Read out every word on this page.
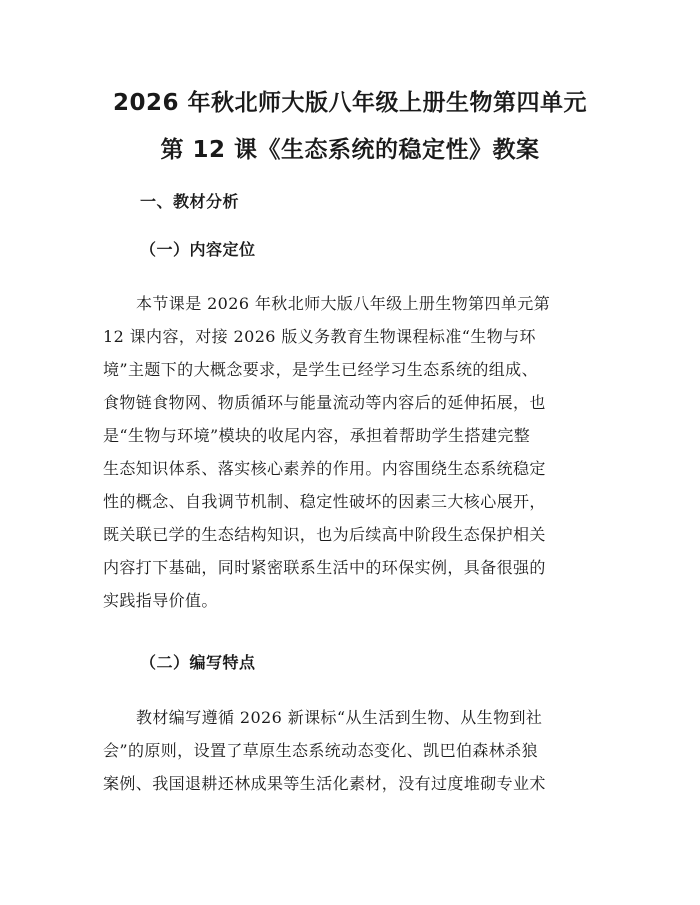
2026 年秋北师大版八年级上册生物第四单元
第 12 课《生态系统的稳定性》教案
一、教材分析
（一）内容定位

本节课是 2026 年秋北师大版八年级上册生物第四单元第
12 课内容，对接 2026 版义务教育生物课程标准“生物与环
境”主题下的大概念要求，是学生已经学习生态系统的组成、
食物链食物网、物质循环与能量流动等内容后的延伸拓展，也
是“生物与环境”模块的收尾内容，承担着帮助学生搭建完整
生态知识体系、落实核心素养的作用。内容围绕生态系统稳定
性的概念、自我调节机制、稳定性破坏的因素三大核心展开，
既关联已学的生态结构知识，也为后续高中阶段生态保护相关
内容打下基础，同时紧密联系生活中的环保实例，具备很强的
实践指导价值。

（二）编写特点

教材编写遵循 2026 新课标“从生活到生物、从生物到社
会”的原则，设置了草原生态系统动态变化、凯巴伯森林杀狼
案例、我国退耕还林成果等生活化素材，没有过度堆砌专业术
